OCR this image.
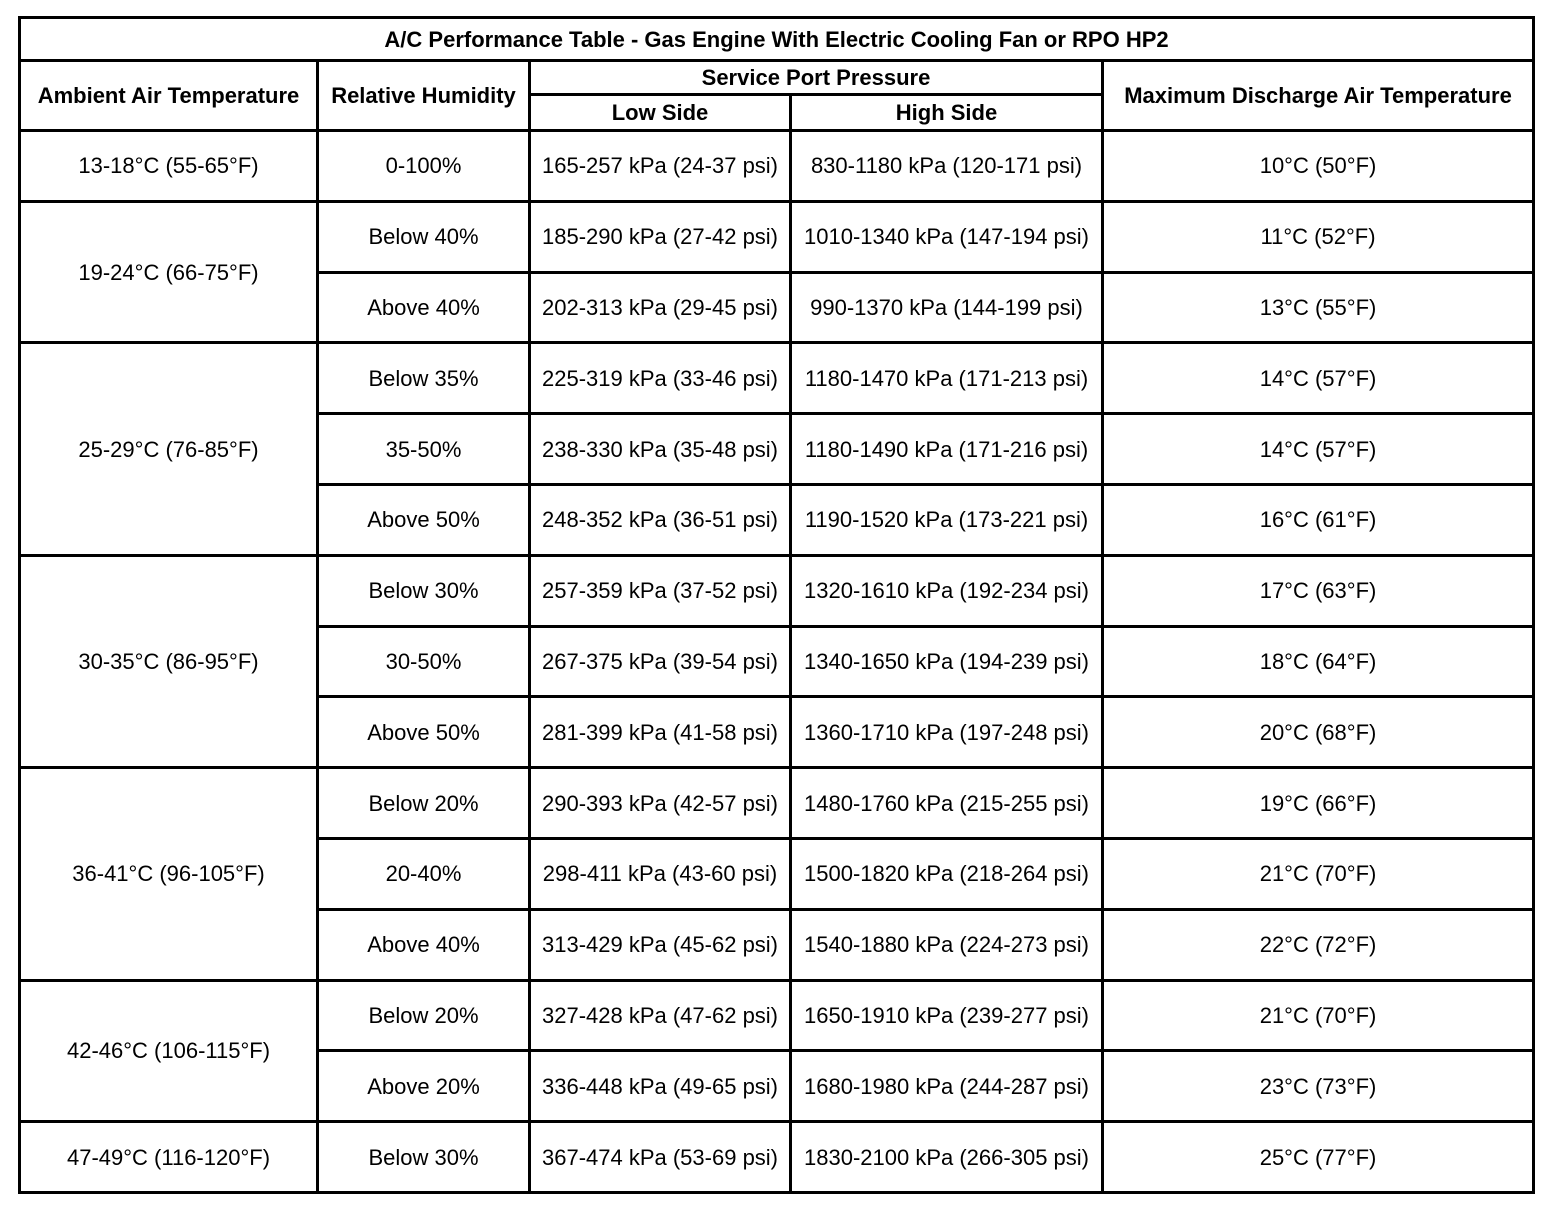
A/C Performance Table - Gas Engine With Electric Cooling Fan or RPO HP2				
Ambient Air Temperature	Relative Humidity	Service Port Pressure		Maximum Discharge Air Temperature
		Low Side	High Side	
13-18°C (55-65°F)	0-100%	165-257 kPa (24-37 psi)	830-1180 kPa (120-171 psi)	10°C (50°F)
19-24°C (66-75°F)	Below 40%	185-290 kPa (27-42 psi)	1010-1340 kPa (147-194 psi)	11°C (52°F)
	Above 40%	202-313 kPa (29-45 psi)	990-1370 kPa (144-199 psi)	13°C (55°F)
25-29°C (76-85°F)	Below 35%	225-319 kPa (33-46 psi)	1180-1470 kPa (171-213 psi)	14°C (57°F)
	35-50%	238-330 kPa (35-48 psi)	1180-1490 kPa (171-216 psi)	14°C (57°F)
	Above 50%	248-352 kPa (36-51 psi)	1190-1520 kPa (173-221 psi)	16°C (61°F)
30-35°C (86-95°F)	Below 30%	257-359 kPa (37-52 psi)	1320-1610 kPa (192-234 psi)	17°C (63°F)
	30-50%	267-375 kPa (39-54 psi)	1340-1650 kPa (194-239 psi)	18°C (64°F)
	Above 50%	281-399 kPa (41-58 psi)	1360-1710 kPa (197-248 psi)	20°C (68°F)
36-41°C (96-105°F)	Below 20%	290-393 kPa (42-57 psi)	1480-1760 kPa (215-255 psi)	19°C (66°F)
	20-40%	298-411 kPa (43-60 psi)	1500-1820 kPa (218-264 psi)	21°C (70°F)
	Above 40%	313-429 kPa (45-62 psi)	1540-1880 kPa (224-273 psi)	22°C (72°F)
42-46°C (106-115°F)	Below 20%	327-428 kPa (47-62 psi)	1650-1910 kPa (239-277 psi)	21°C (70°F)
	Above 20%	336-448 kPa (49-65 psi)	1680-1980 kPa (244-287 psi)	23°C (73°F)
47-49°C (116-120°F)	Below 30%	367-474 kPa (53-69 psi)	1830-2100 kPa (266-305 psi)	25°C (77°F)
